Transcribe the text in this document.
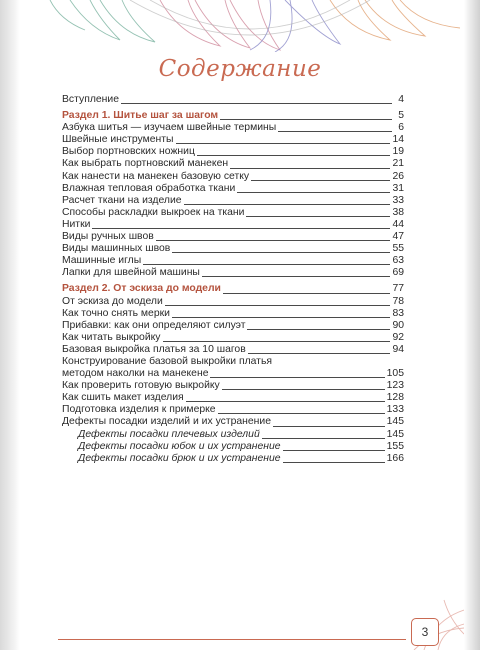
Содержание
Вступление	4
Раздел 1. Шитье шаг за шагом	5
Азбука шитья — изучаем швейные термины	6
Швейные инструменты	14
Выбор портновских ножниц	19
Как выбрать портновский манекен	21
Как нанести на манекен базовую сетку	26
Влажная тепловая обработка ткани	31
Расчет ткани на изделие	33
Способы раскладки выкроек на ткани	38
Нитки	44
Виды ручных швов	47
Виды машинных швов	55
Машинные иглы	63
Лапки для швейной машины	69
Раздел 2. От эскиза до модели	77
От эскиза до модели	78
Как точно снять мерки	83
Прибавки: как они определяют силуэт	90
Как читать выкройку	92
Базовая выкройка платья за 10 шагов	94
Конструирование базовой выкройки платья
методом наколки на манекене	105
Как проверить готовую выкройку	123
Как сшить макет изделия	128
Подготовка изделия к примерке	133
Дефекты посадки изделий и их устранение	145
Дефекты посадки плечевых изделий	145
Дефекты посадки юбок и их устранение	155
Дефекты посадки брюк и их устранение	166
3
